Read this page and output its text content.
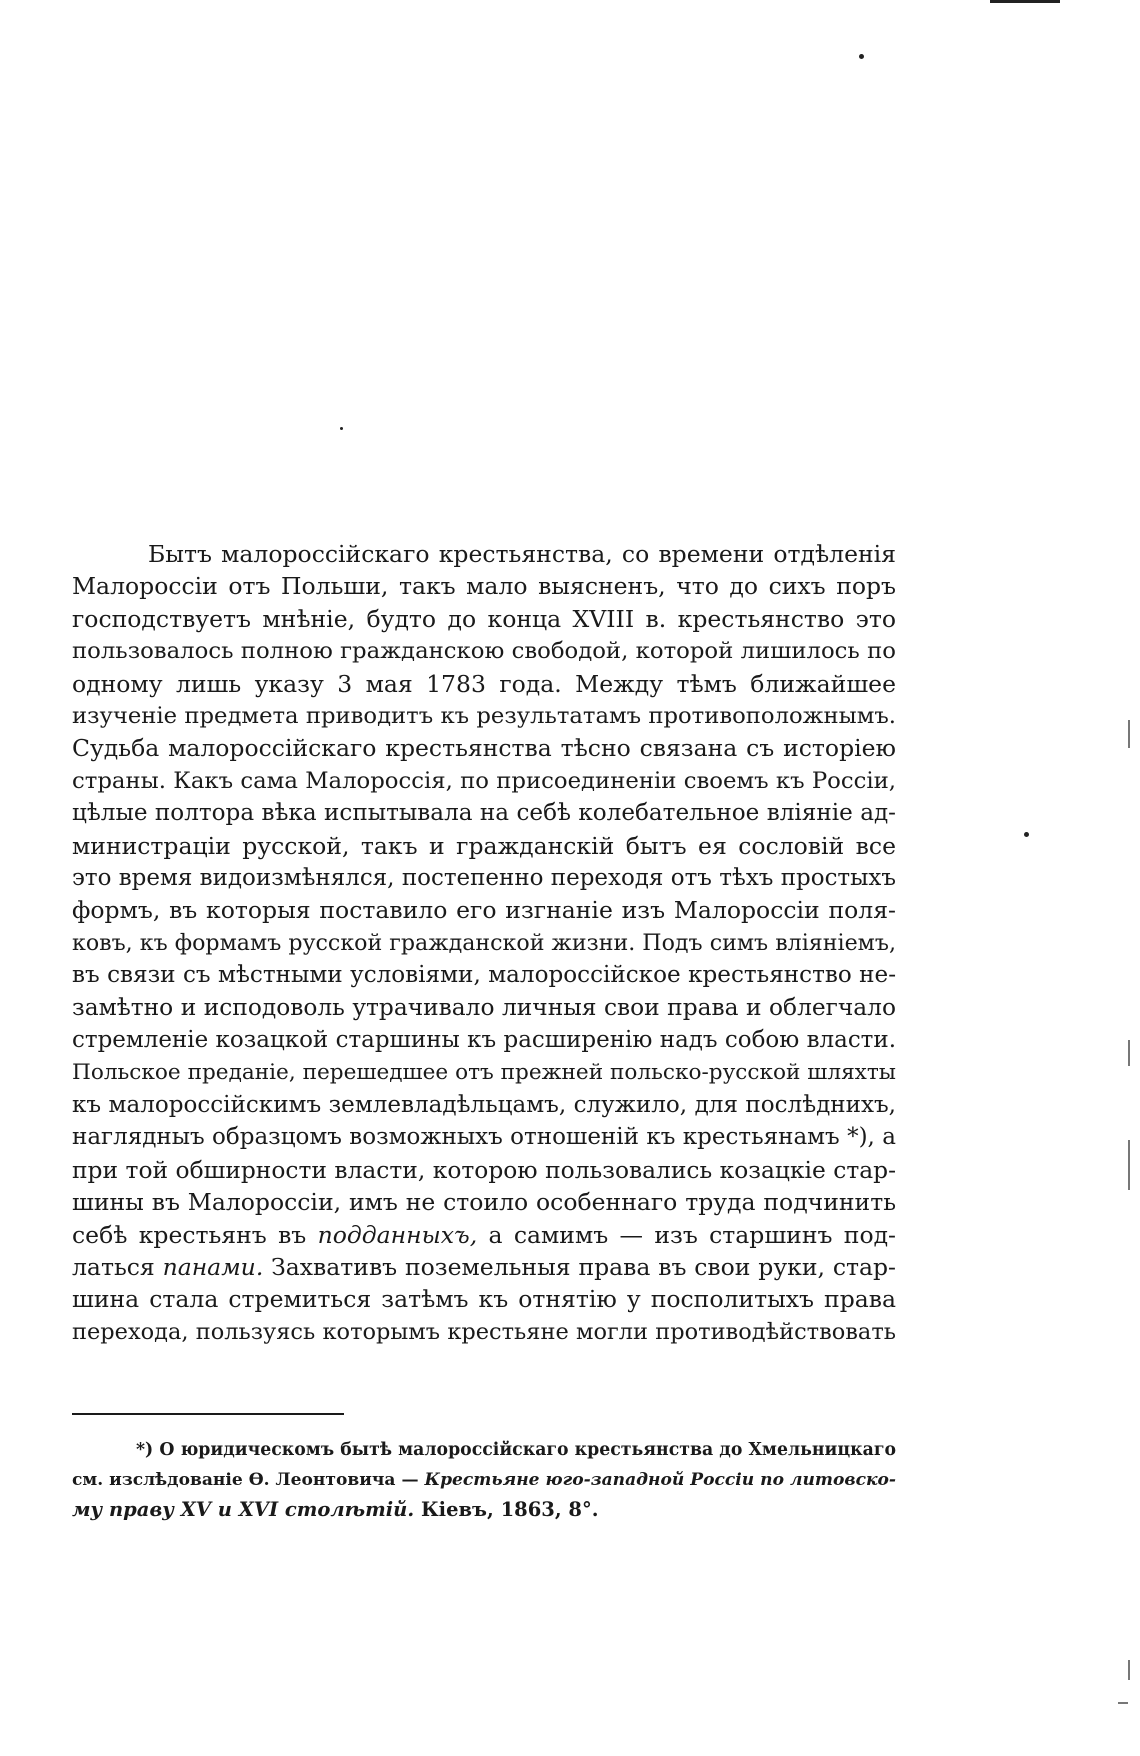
Бытъ малороссійскаго крестьянства, со времени отдѣленія
Малороссіи отъ Польши, такъ мало выясненъ, что до сихъ поръ
господствуетъ мнѣніе, будто до конца XVIII в. крестьянство это
пользовалось полною гражданскою свободой, которой лишилось по
одному лишь указу 3 мая 1783 года. Между тѣмъ ближайшее
изученіе предмета приводитъ къ результатамъ противоположнымъ.
Судьба малороссійскаго крестьянства тѣсно связана съ исторіею
страны. Какъ сама Малороссія, по присоединеніи своемъ къ Россіи,
цѣлые полтора вѣка испытывала на себѣ колебательное вліяніе ад-
министраціи русской, такъ и гражданскій бытъ ея сословій все
это время видоизмѣнялся, постепенно переходя отъ тѣхъ простыхъ
формъ, въ которыя поставило его изгнаніе изъ Малороссіи поля-
ковъ, къ формамъ русской гражданской жизни. Подъ симъ вліяніемъ,
въ связи съ мѣстными условіями, малороссійское крестьянство не-
замѣтно и исподоволь утрачивало личныя свои права и облегчало
стремленіе козацкой старшины къ расширенію надъ собою власти.
Польское преданіе, перешедшее отъ прежней польско-русской шляхты
къ малороссійскимъ землевладѣльцамъ, служило, для послѣднихъ,
наглядныъ образцомъ возможныхъ отношеній къ крестьянамъ *), а
при той обширности власти, которою пользовались козацкіе стар-
шины въ Малороссіи, имъ не стоило особеннаго труда подчинить
себѣ крестьянъ въ подданныхъ, а самимъ — изъ старшинъ под-
латься панами. Захвативъ поземельныя права въ свои руки, стар-
шина стала стремиться затѣмъ къ отнятію у посполитыхъ права
перехода, пользуясь которымъ крестьяне могли противодѣйствовать
*) О юридическомъ бытѣ малороссійскаго крестьянства до Хмельницкаго
см. изслѣдованіе Ѳ. Леонтовича — Крестьяне юго-западной Россіи по литовско-
му праву XV и XVI столѣтій. Кіевъ, 1863, 8°.
